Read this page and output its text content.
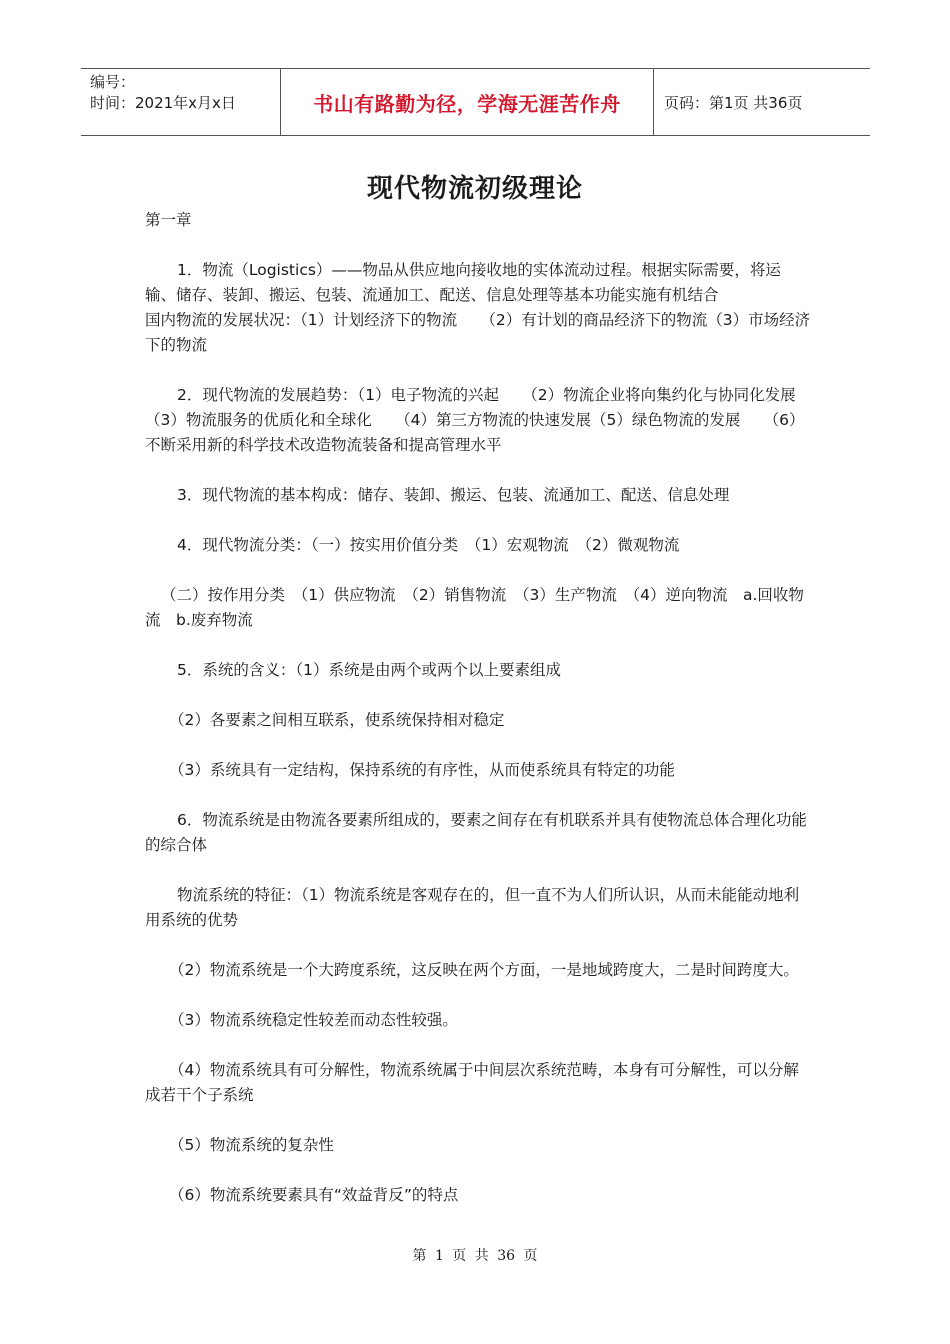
编号：
时间：2021年x月x日	书山有路勤为径，学海无涯苦作舟	页码：第1页 共36页
现代物流初级理论

第一章

1．物流（Logistics）——物品从供应地向接收地的实体流动过程。根据实际需要，将运输、储存、装卸、搬运、包装、流通加工、配送、信息处理等基本功能实施有机结合

国内物流的发展状况：（1）计划经济下的物流　　（2）有计划的商品经济下的物流（3）市场经济下的物流

2．现代物流的发展趋势：（1）电子物流的兴起　　（2）物流企业将向集约化与协同化发展　　（3）物流服务的优质化和全球化　　（4）第三方物流的快速发展（5）绿色物流的发展　　（6）不断采用新的科学技术改造物流装备和提高管理水平

3．现代物流的基本构成：储存、装卸、搬运、包装、流通加工、配送、信息处理

4．现代物流分类：（一）按实用价值分类　（1）宏观物流　（2）微观物流

（二）按作用分类　（1）供应物流　（2）销售物流　（3）生产物流　（4）逆向物流　a.回收物流　b.废弃物流

5．系统的含义：（1）系统是由两个或两个以上要素组成

（2）各要素之间相互联系，使系统保持相对稳定

（3）系统具有一定结构，保持系统的有序性，从而使系统具有特定的功能

6．物流系统是由物流各要素所组成的，要素之间存在有机联系并具有使物流总体合理化功能的综合体

物流系统的特征：（1）物流系统是客观存在的，但一直不为人们所认识，从而未能能动地利用系统的优势

（2）物流系统是一个大跨度系统，这反映在两个方面，一是地域跨度大，二是时间跨度大。

（3）物流系统稳定性较差而动态性较强。

（4）物流系统具有可分解性，物流系统属于中间层次系统范畴，本身有可分解性，可以分解成若干个子系统

（5）物流系统的复杂性

（6）物流系统要素具有“效益背反”的特点

第 1 页 共 36 页
